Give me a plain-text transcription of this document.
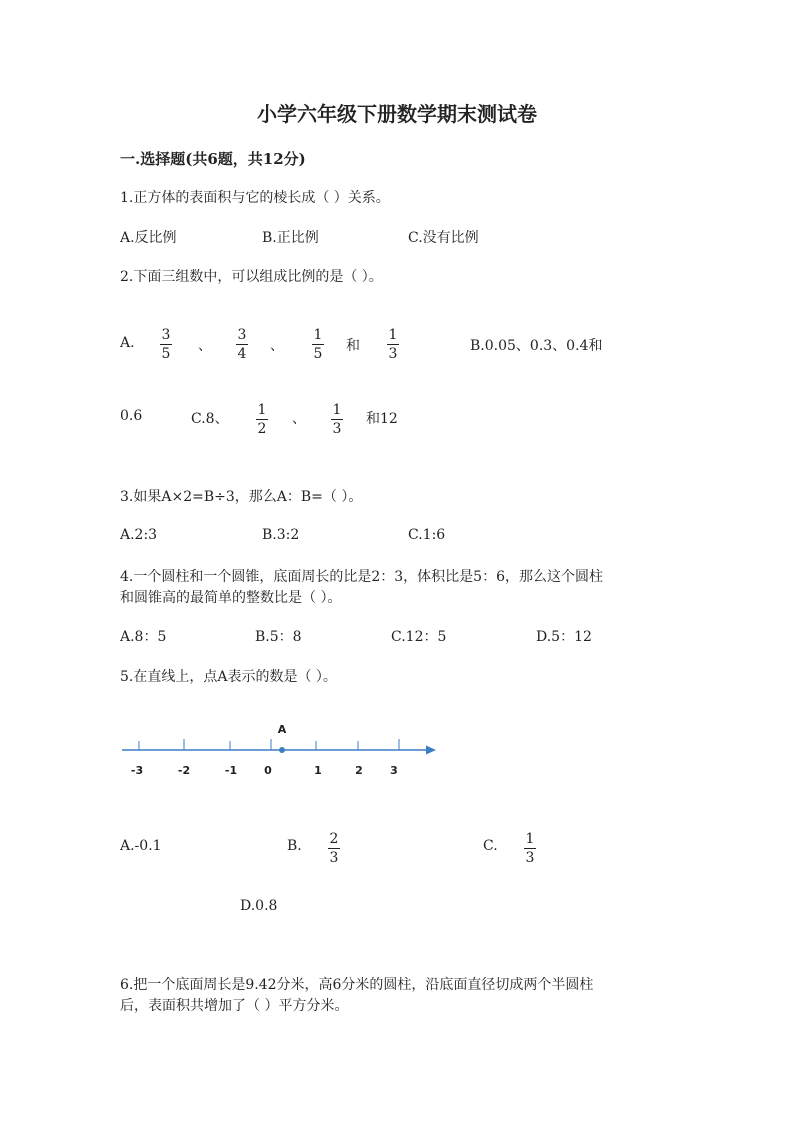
小学六年级下册数学期末测试卷
一.选择题(共6题，共12分)
1.正方体的表面积与它的棱长成（ ）关系。
A.反比例	B.正比例	C.没有比例
2.下面三组数中，可以组成比例的是（ ）。
A. 3
5 、
3
4 、
1
5 和
1
3	B.0.05、0.3、0.4和
0.6	C.8、
1
2
、
1
3
和12
3.如果A×2=B÷3，那么A：B=（ ）。
A.2:3	B.3:2	C.1:6
4.一个圆柱和一个圆锥，底面周长的比是2：3，体积比是5：6，那么这个圆柱
和圆锥高的最简单的整数比是（ ）。
A.8：5	B.5：8	C.12：5	D.5：12
5.在直线上，点A表示的数是（ ）。
A
-3	-2	-1 0	1	2 3
A.-0.1	B. 2
3
C. 1
3
D.0.8
6.把一个底面周长是9.42分米，高6分米的圆柱，沿底面直径切成两个半圆柱
后，表面积共增加了（ ）平方分米。
